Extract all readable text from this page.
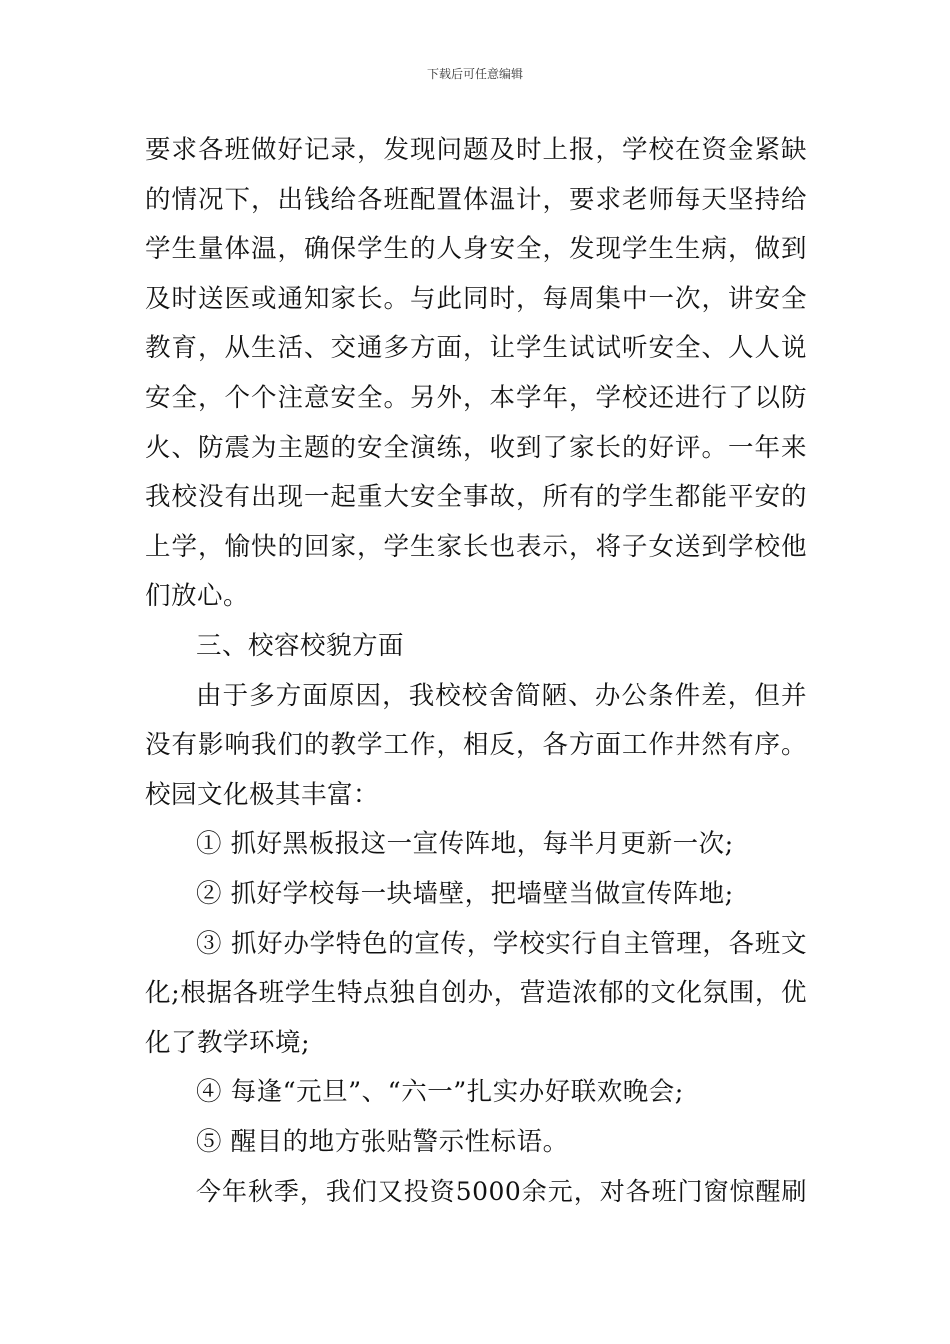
下载后可任意编辑
要求各班做好记录，发现问题及时上报，学校在资金紧缺
的情况下，出钱给各班配置体温计，要求老师每天坚持给
学生量体温，确保学生的人身安全，发现学生生病，做到
及时送医或通知家长。与此同时，每周集中一次，讲安全
教育，从生活、交通多方面，让学生试试听安全、人人说
安全，个个注意安全。另外，本学年，学校还进行了以防
火、防震为主题的安全演练，收到了家长的好评。一年来
我校没有出现一起重大安全事故，所有的学生都能平安的
上学，愉快的回家，学生家长也表示，将子女送到学校他
们放心。
三、校容校貌方面
由于多方面原因，我校校舍简陋、办公条件差，但并
没有影响我们的教学工作，相反，各方面工作井然有序。
校园文化极其丰富：
① 抓好黑板报这一宣传阵地，每半月更新一次;
② 抓好学校每一块墙壁，把墙壁当做宣传阵地;
③ 抓好办学特色的宣传，学校实行自主管理，各班文
化;根据各班学生特点独自创办，营造浓郁的文化氛围，优
化了教学环境;
④ 每逢“元旦”、“六一”扎实办好联欢晚会;
⑤ 醒目的地方张贴警示性标语。
今年秋季，我们又投资5000余元，对各班门窗惊醒刷
